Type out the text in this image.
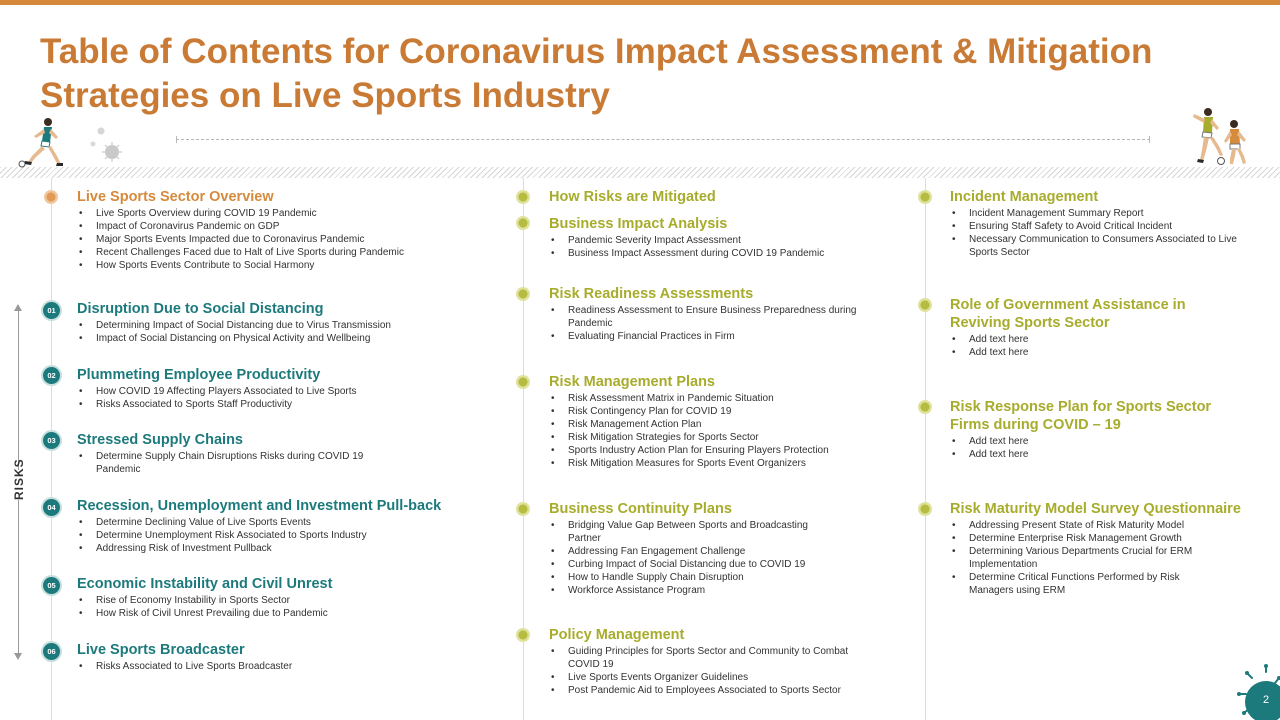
Table of Contents for Coronavirus Impact Assessment & Mitigation Strategies on Live Sports Industry
RISKS
Live Sports Sector Overview
• Live Sports Overview during COVID 19 Pandemic
• Impact of Coronavirus Pandemic on GDP
• Major Sports Events Impacted due to Coronavirus Pandemic
• Recent Challenges Faced due to Halt of Live Sports during Pandemic
• How Sports Events Contribute to Social Harmony
01 Disruption Due to Social Distancing
• Determining Impact of Social Distancing due to Virus Transmission
• Impact of Social Distancing on Physical Activity and Wellbeing
02 Plummeting Employee Productivity
• How COVID 19 Affecting Players Associated to Live Sports
• Risks Associated to Sports Staff Productivity
03 Stressed Supply Chains
• Determine Supply Chain Disruptions Risks during COVID 19 Pandemic
04 Recession, Unemployment and Investment Pull-back
• Determine Declining Value of Live Sports Events
• Determine Unemployment Risk Associated to Sports Industry
• Addressing Risk of Investment Pullback
05 Economic Instability and Civil Unrest
• Rise of Economy Instability in Sports Sector
• How Risk of Civil Unrest Prevailing due to Pandemic
06 Live Sports Broadcaster
• Risks Associated to Live Sports Broadcaster
How Risks are Mitigated
Business Impact Analysis
• Pandemic Severity Impact Assessment
• Business Impact Assessment during COVID 19 Pandemic
Risk Readiness Assessments
• Readiness Assessment to Ensure Business Preparedness during Pandemic
• Evaluating Financial Practices in Firm
Risk Management Plans
• Risk Assessment Matrix in Pandemic Situation
• Risk Contingency Plan for COVID 19
• Risk Management Action Plan
• Risk Mitigation Strategies for Sports Sector
• Sports Industry Action Plan for Ensuring Players Protection
• Risk Mitigation Measures for Sports Event Organizers
Business Continuity Plans
• Bridging Value Gap Between Sports and Broadcasting Partner
• Addressing Fan Engagement Challenge
• Curbing Impact of Social Distancing due to COVID 19
• How to Handle Supply Chain Disruption
• Workforce Assistance Program
Policy Management
• Guiding Principles for Sports Sector and Community to Combat COVID 19
• Live Sports Events Organizer Guidelines
• Post Pandemic Aid to Employees Associated to Sports Sector
Incident Management
• Incident Management Summary Report
• Ensuring Staff Safety to Avoid Critical Incident
• Necessary Communication to Consumers Associated to Live Sports Sector
Role of Government Assistance in Reviving Sports Sector
• Add text here
• Add text here
Risk Response Plan for Sports Sector Firms during COVID – 19
• Add text here
• Add text here
Risk Maturity Model Survey Questionnaire
• Addressing Present State of Risk Maturity Model
• Determine Enterprise Risk Management Growth
• Determining Various Departments Crucial for ERM Implementation
• Determine Critical Functions Performed by Risk Managers using ERM
2
